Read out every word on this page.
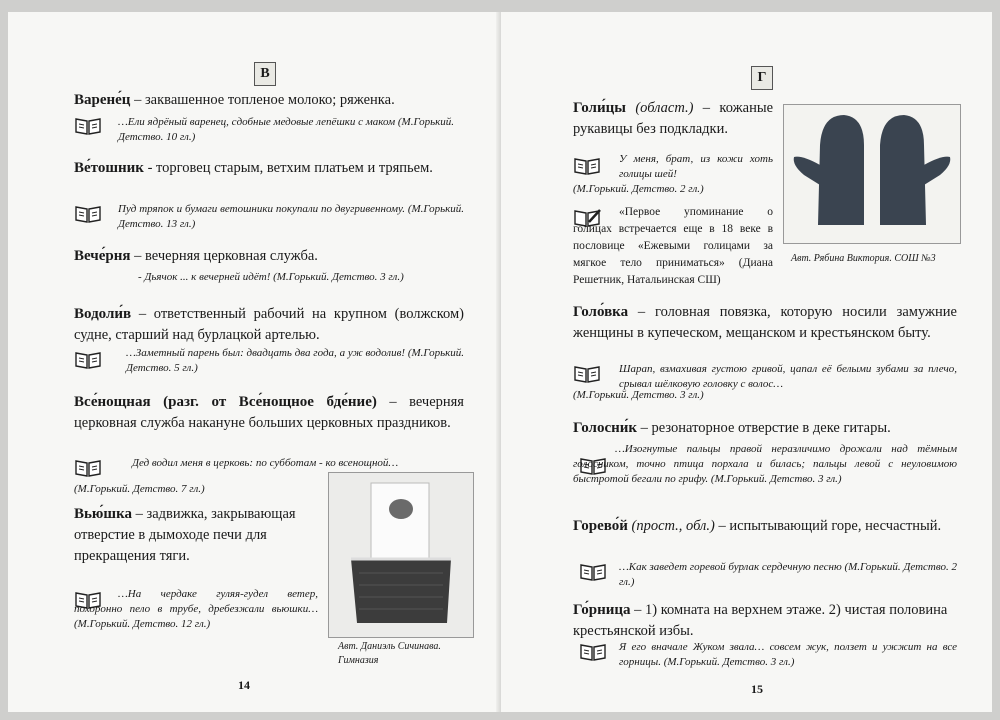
В
Варене́ц – заквашенное топленое молоко; ряженка.
…Ели ядрёный варенец, сдобные медовые лепёшки с маком (М.Горький. Детство. 10 гл.)
Ве́тошник - торговец старым, ветхим платьем и тряпьем.
Пуд тряпок и бумаги ветошники покупали по двугривенному. (М.Горький. Детство. 13 гл.)
Вече́рня – вечерняя церковная служба.
- Дьячок ... к вечерней идёт! (М.Горький. Детство. 3 гл.)
Водоли́в – ответственный рабочий на крупном (волжском) судне, старший над бурлацкой артелью.
…Заметный парень был: двадцать два года, а уж водолив! (М.Горький. Детство. 5 гл.)
Все́нощная (разг. от Все́нощное бде́ние) – вечерняя церковная служба накануне больших церковных праздников.
Дед водил меня в церковь: по субботам - ко всенощной…
(М.Горький. Детство. 7 гл.)
Вью́шка – задвижка, закрывающая отверстие в дымоходе печи для прекращения тяги.
…На чердаке гуляя-гудел ветер, похоронно пело в трубе, дребезжали вьюшки… (М.Горький. Детство. 12 гл.)
Авт. Даниэль Сичинава. Гимназия
14
Г
Голи́цы (област.) – кожаные рукавицы без подкладки.
У меня, брат, из кожи хоть голицы шей!
(М.Горький. Детство. 2 гл.)
«Первое упоминание о голицах встречается еще в 18 веке в пословице «Ежевыми голицами за мягкое тело приниматься» (Диана Решетник, Натальинская СШ)
Авт. Рябина Виктория. СОШ №3
Голо́вка – головная повязка, которую носили замужние женщины в купеческом, мещанском и крестьянском быту.
Шарап, взмахивая густою гривой, цапал её белыми зубами за плечо, срывал шёлковую головку с волос…
(М.Горький. Детство. 3 гл.)
Голосни́к – резонаторное отверстие в деке гитары.
…Изогнутые пальцы правой неразличимо дрожали над тёмным голосником, точно птица порхала и билась; пальцы левой с неуловимою быстротой бегали по грифу. (М.Горький. Детство. 3 гл.)
Горево́й (прост., обл.) – испытывающий горе, несчастный.
…Как заведет горевой бурлак сердечную песню (М.Горький. Детство. 2 гл.)
Го́рница – 1) комната на верхнем этаже. 2) чистая половина крестьянской избы.
Я его вначале Жуком звала… совсем жук, ползет и ужжит на все горницы. (М.Горький. Детство. 3 гл.)
15
